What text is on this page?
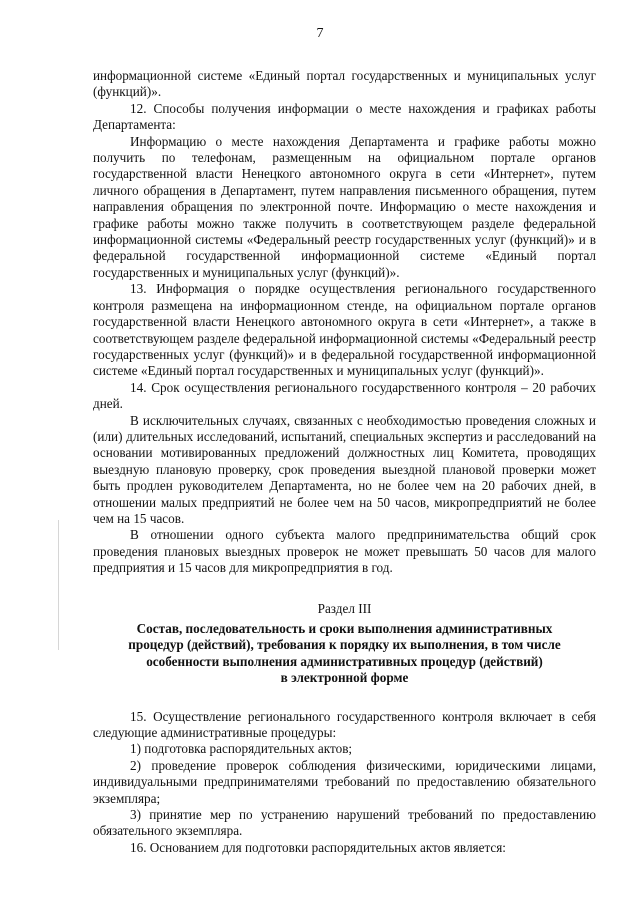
7

информационной системе «Единый портал государственных и муниципальных услуг (функций)».

12. Способы получения информации о месте нахождения и графиках работы Департамента:

Информацию о месте нахождения Департамента и графике работы можно получить по телефонам, размещенным на официальном портале органов государственной власти Ненецкого автономного округа в сети «Интернет», путем личного обращения в Департамент, путем направления письменного обращения, путем направления обращения по электронной почте. Информацию о месте нахождения и графике работы можно также получить в соответствующем разделе федеральной информационной системы «Федеральный реестр государственных услуг (функций)» и в федеральной государственной информационной системе «Единый портал государственных и муниципальных услуг (функций)».

13. Информация о порядке осуществления регионального государственного контроля размещена на информационном стенде, на официальном портале органов государственной власти Ненецкого автономного округа в сети «Интернет», а также в соответствующем разделе федеральной информационной системы «Федеральный реестр государственных услуг (функций)» и в федеральной государственной информационной системе «Единый портал государственных и муниципальных услуг (функций)».

14. Срок осуществления регионального государственного контроля – 20 рабочих дней.

В исключительных случаях, связанных с необходимостью проведения сложных и (или) длительных исследований, испытаний, специальных экспертиз и расследований на основании мотивированных предложений должностных лиц Комитета, проводящих выездную плановую проверку, срок проведения выездной плановой проверки может быть продлен руководителем Департамента, но не более чем на 20 рабочих дней, в отношении малых предприятий не более чем на 50 часов, микропредприятий не более чем на 15 часов.

В отношении одного субъекта малого предпринимательства общий срок проведения плановых выездных проверок не может превышать 50 часов для малого предприятия и 15 часов для микропредприятия в год.

Раздел III

Состав, последовательность и сроки выполнения административных

процедур (действий), требования к порядку их выполнения, в том числе

особенности выполнения административных процедур (действий)

в электронной форме

15. Осуществление регионального государственного контроля включает в себя следующие административные процедуры:

1) подготовка распорядительных актов;

2) проведение проверок соблюдения физическими, юридическими лицами, индивидуальными предпринимателями требований по предоставлению обязательного экземпляра;

3) принятие мер по устранению нарушений требований по предоставлению обязательного экземпляра.

16. Основанием для подготовки распорядительных актов является:
